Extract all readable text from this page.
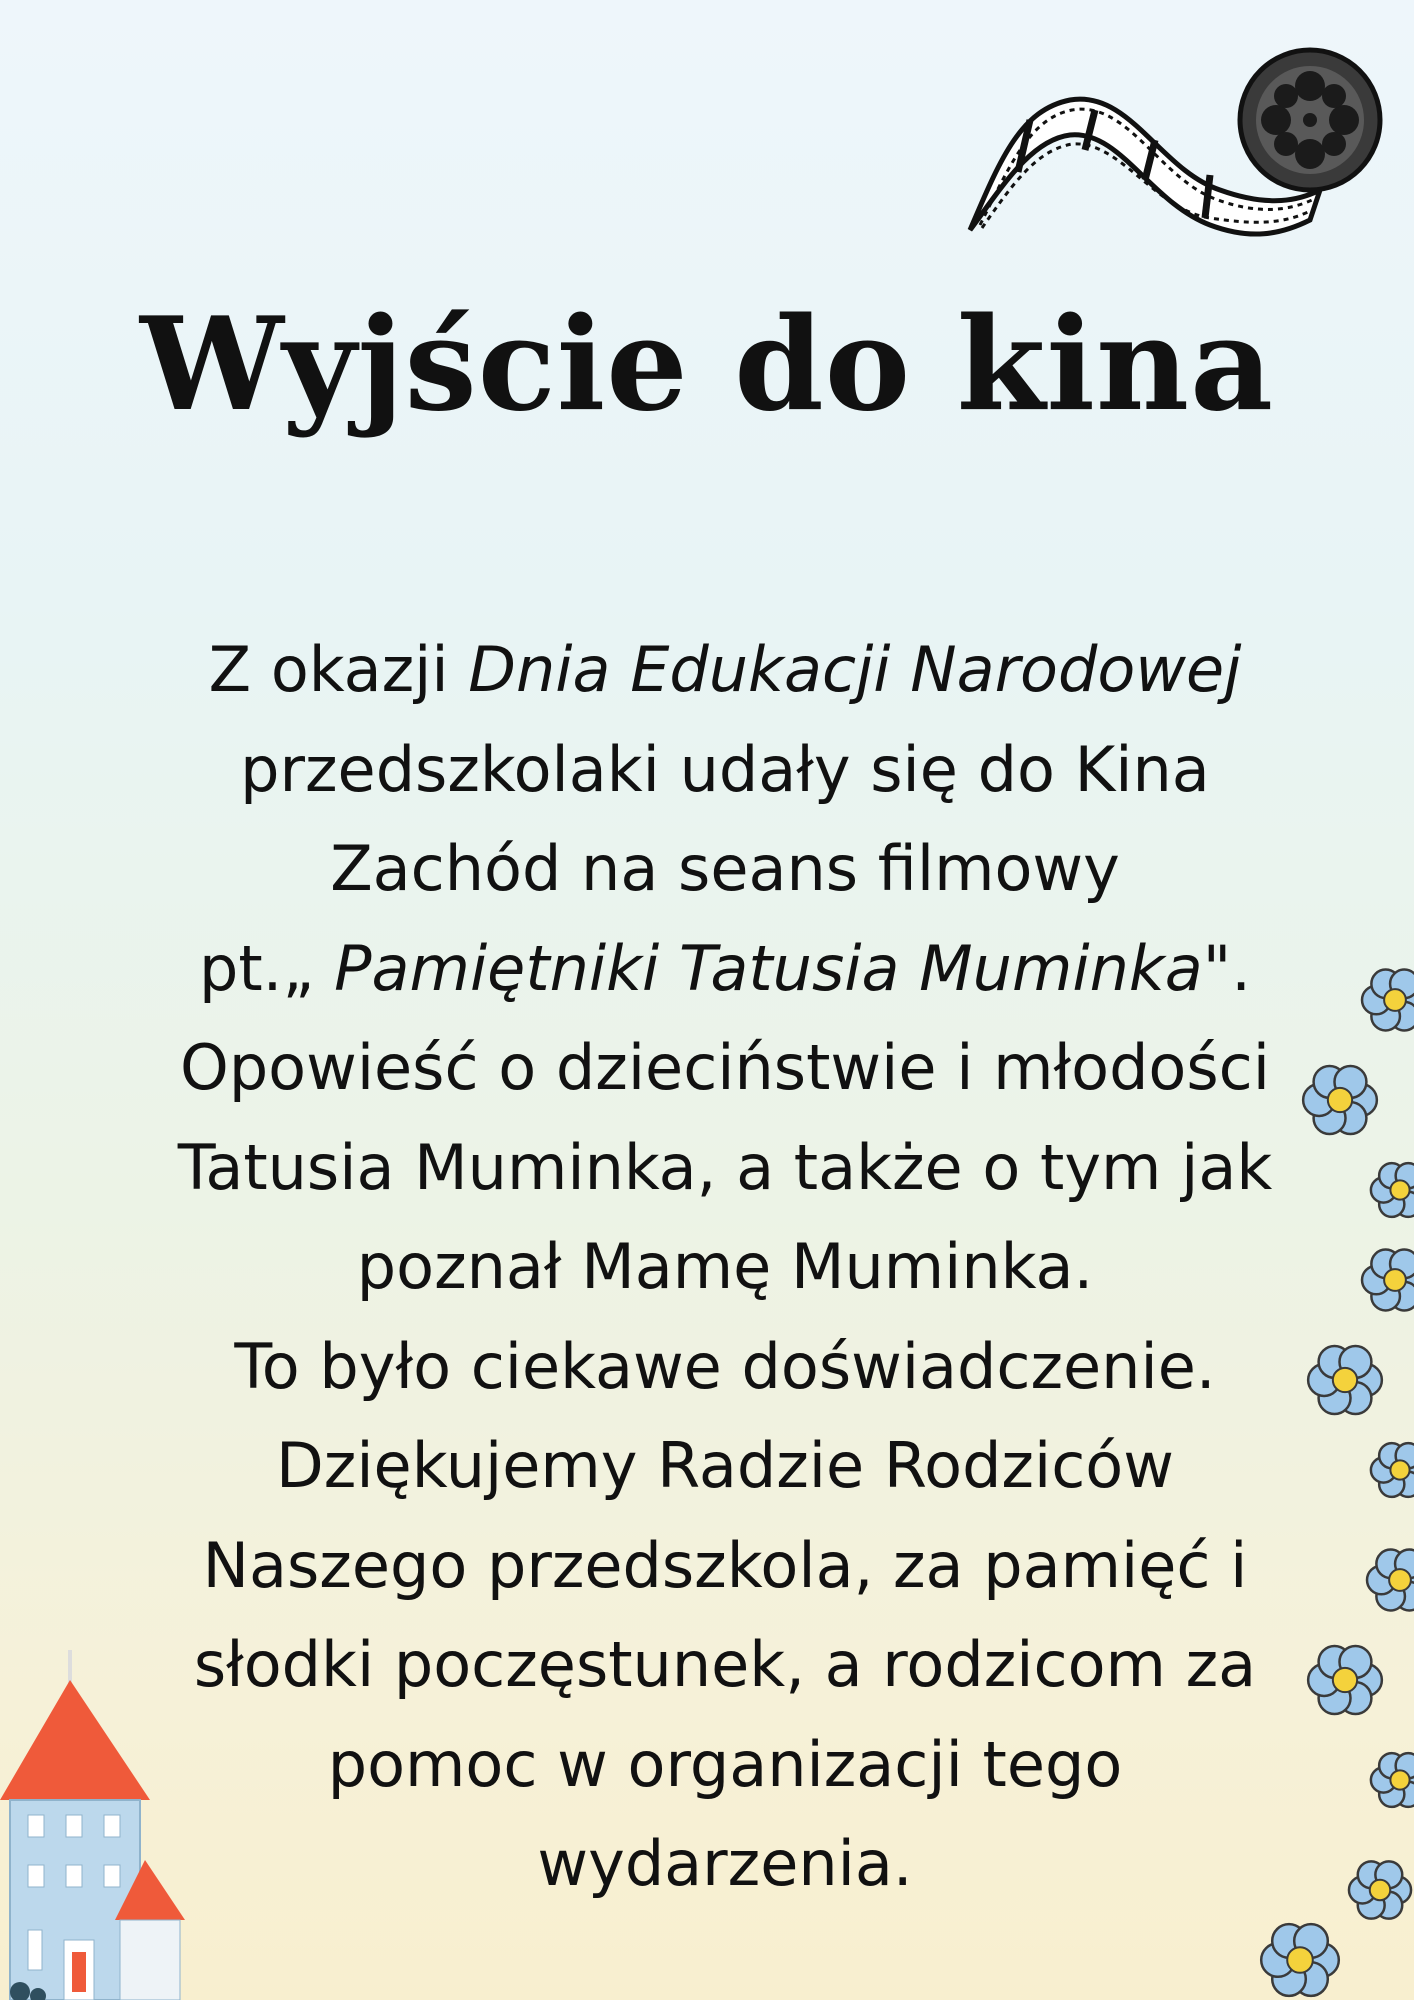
Wyjście do kina

Z okazji Dnia Edukacji Narodowej

przedszkolaki udały się do Kina

Zachód na seans filmowy

pt.„ Pamiętniki Tatusia Muminka".

Opowieść o dzieciństwie i młodości

Tatusia Muminka, a także o tym jak

poznał Mamę Muminka.

To było ciekawe doświadczenie.

Dziękujemy Radzie Rodziców

Naszego przedszkola, za pamięć i

słodki poczęstunek, a rodzicom za

pomoc w organizacji tego

wydarzenia.
